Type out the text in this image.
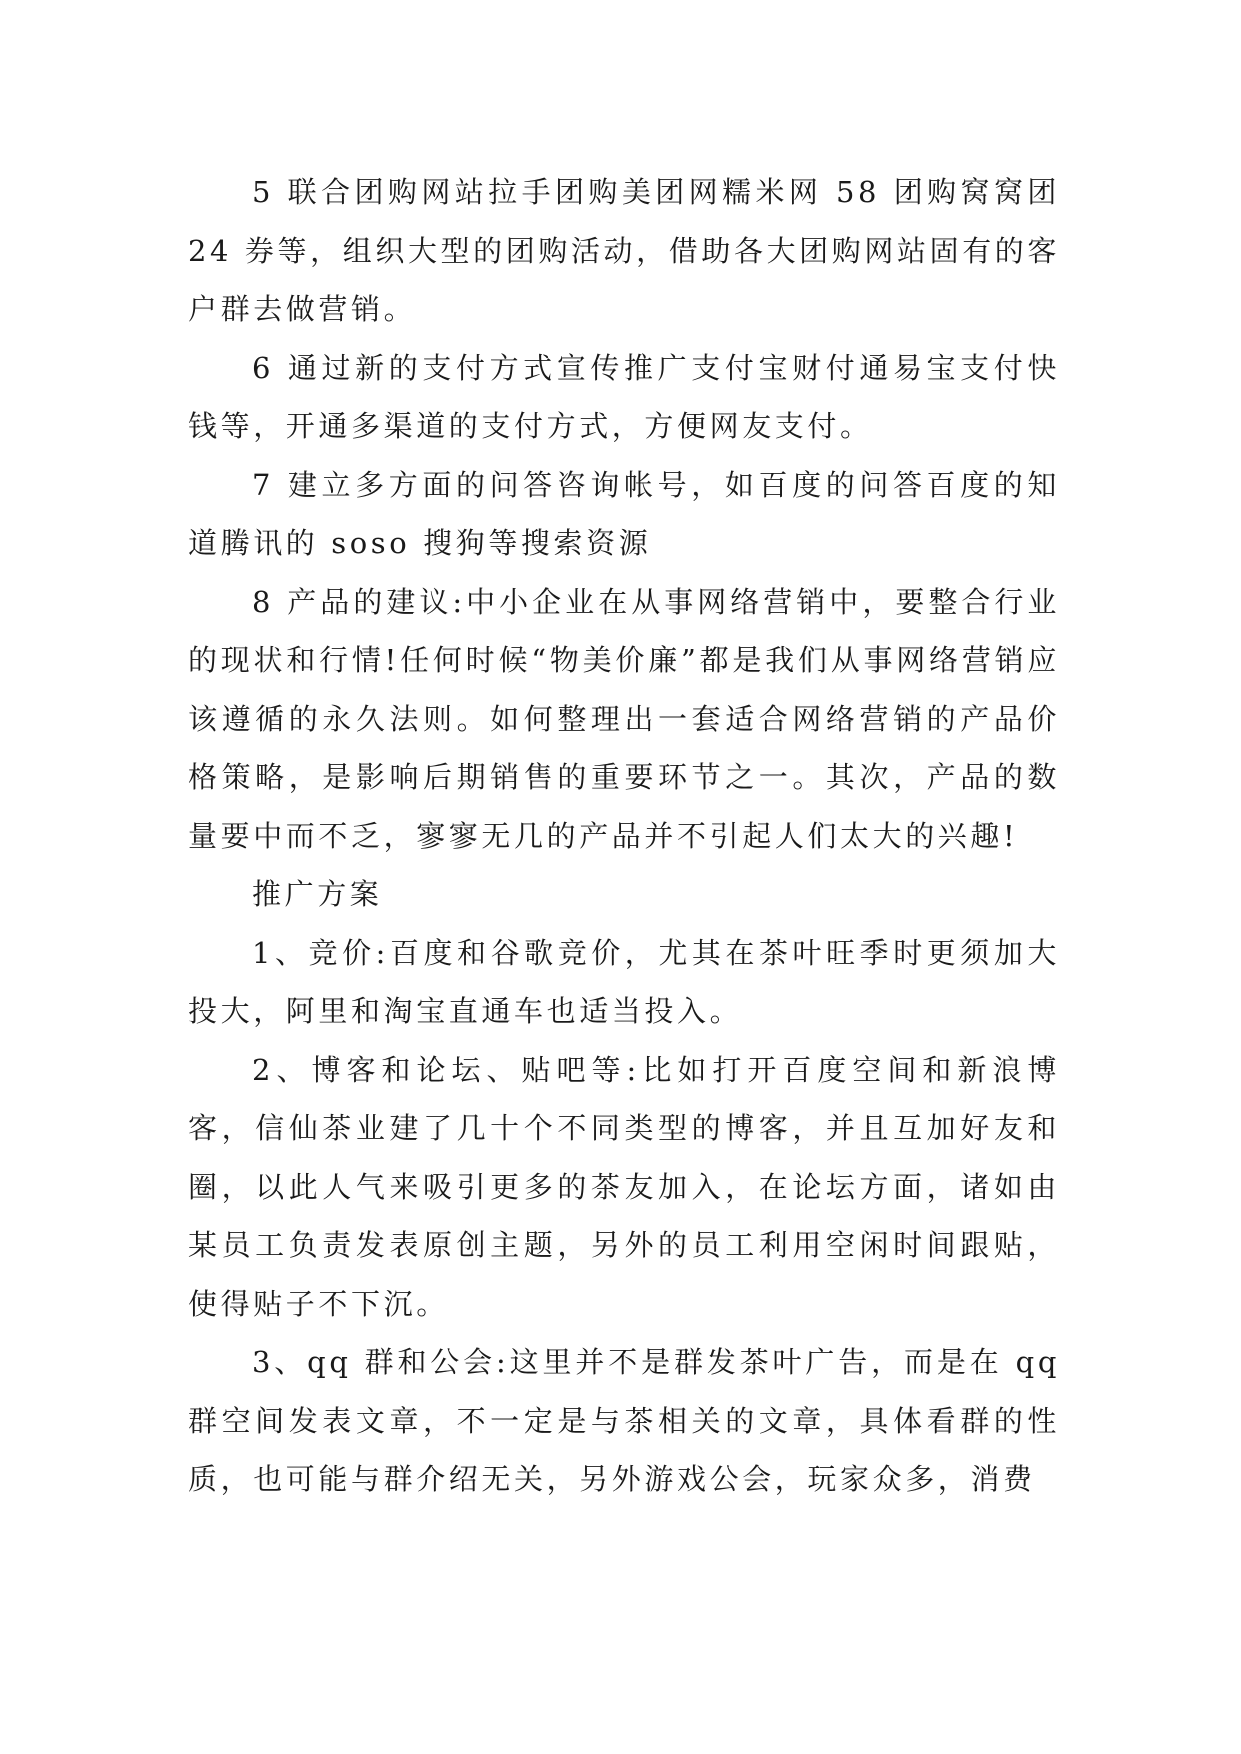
5 联合团购网站拉手团购美团网糯米网 58 团购窝窝团 24 券等，组织大型的团购活动，借助各大团购网站固有的客户群去做营销。

6 通过新的支付方式宣传推广支付宝财付通易宝支付快钱等，开通多渠道的支付方式，方便网友支付。

7 建立多方面的问答咨询帐号，如百度的问答百度的知道腾讯的 soso 搜狗等搜索资源

8 产品的建议:中小企业在从事网络营销中，要整合行业的现状和行情!任何时候“物美价廉”都是我们从事网络营销应该遵循的永久法则。如何整理出一套适合网络营销的产品价格策略，是影响后期销售的重要环节之一。其次，产品的数量要中而不乏，寥寥无几的产品并不引起人们太大的兴趣!

推广方案

1、竞价:百度和谷歌竞价，尤其在茶叶旺季时更须加大投大，阿里和淘宝直通车也适当投入。

2、博客和论坛、贴吧等:比如打开百度空间和新浪博客，信仙茶业建了几十个不同类型的博客，并且互加好友和圈，以此人气来吸引更多的茶友加入，在论坛方面，诸如由某员工负责发表原创主题，另外的员工利用空闲时间跟贴，使得贴子不下沉。

3、qq 群和公会:这里并不是群发茶叶广告，而是在 qq 群空间发表文章，不一定是与茶相关的文章，具体看群的性质，也可能与群介绍无关，另外游戏公会，玩家众多，消费
